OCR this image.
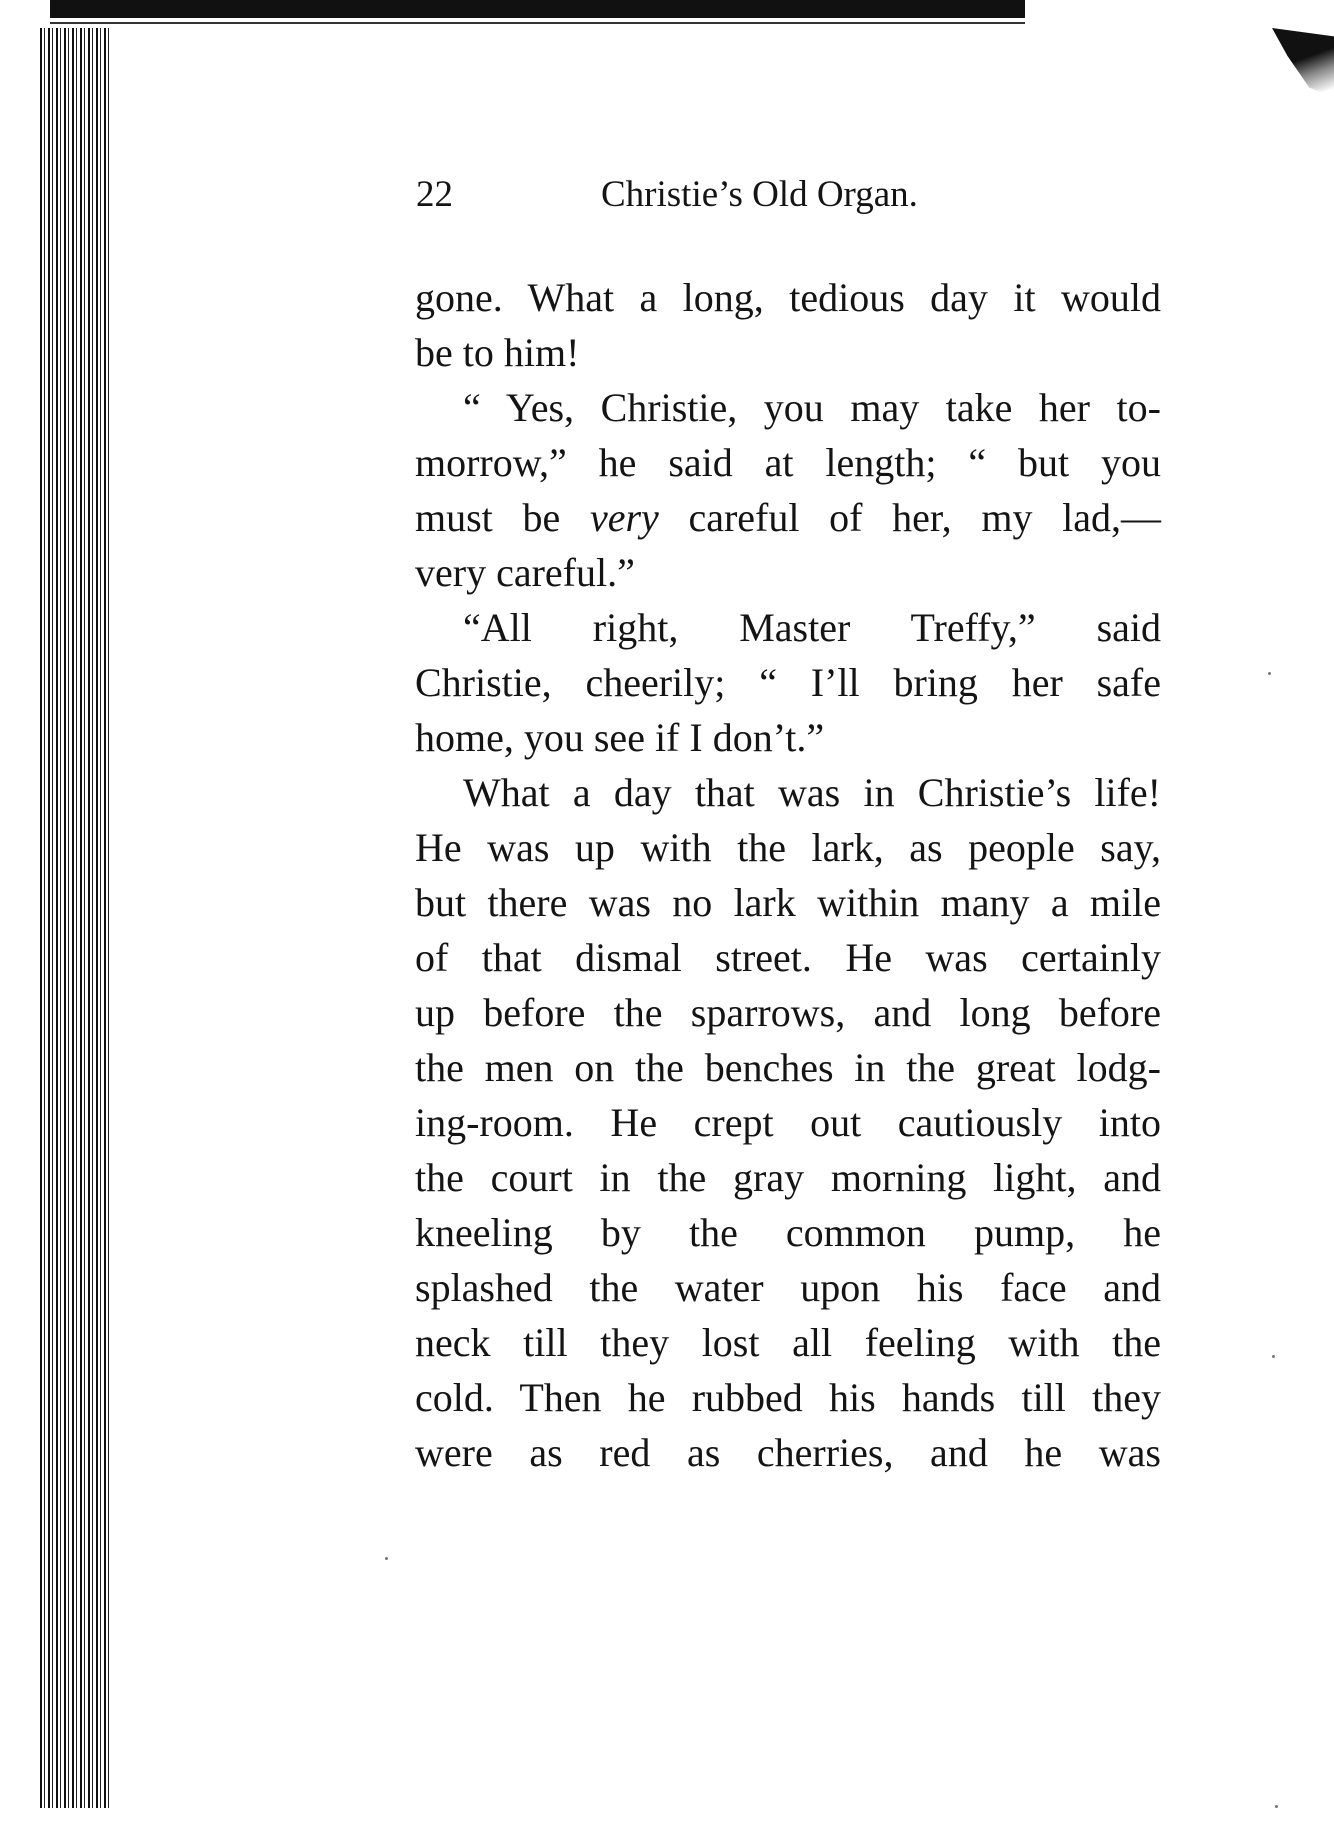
22	Christie’s Old Organ.
gone. What a long, tedious day it would
be to him!
“ Yes, Christie, you may take her to-
morrow,” he said at length; “ but you
must be very careful of her, my lad,—
very careful.”
“All right, Master Treffy,” said
Christie, cheerily; “ I’ll bring her safe
home, you see if I don’t.”
What a day that was in Christie’s life!
He was up with the lark, as people say,
but there was no lark within many a mile
of that dismal street. He was certainly
up before the sparrows, and long before
the men on the benches in the great lodg-
ing-room. He crept out cautiously into
the court in the gray morning light, and
kneeling by the common pump, he
splashed the water upon his face and
neck till they lost all feeling with the
cold. Then he rubbed his hands till they
were as red as cherries, and he was
